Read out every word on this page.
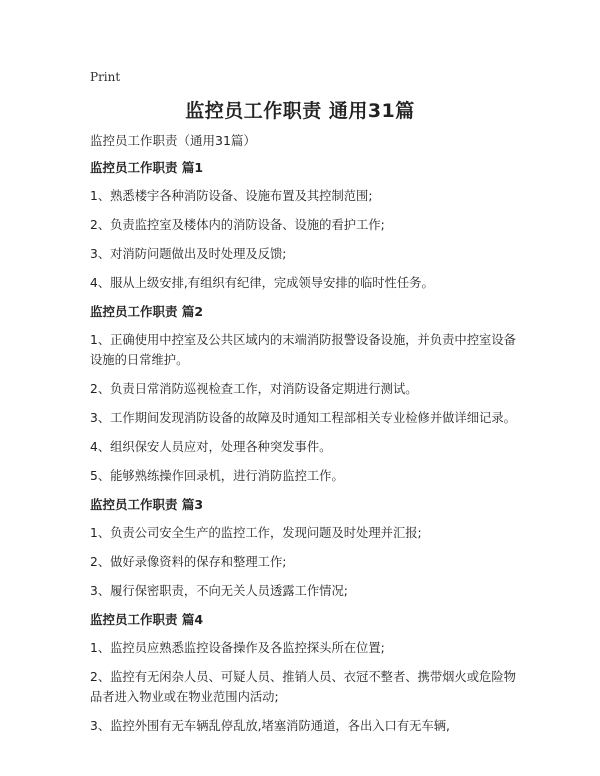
Print
监控员工作职责 通用31篇

监控员工作职责（通用31篇）

监控员工作职责 篇1

1、熟悉楼宇各种消防设备、设施布置及其控制范围;

2、负责监控室及楼体内的消防设备、设施的看护工作;

3、对消防问题做出及时处理及反馈;

4、服从上级安排,有组织有纪律，完成领导安排的临时性任务。

监控员工作职责 篇2

1、正确使用中控室及公共区域内的末端消防报警设备设施，并负责中控室设备设施的日常维护。

2、负责日常消防巡视检查工作，对消防设备定期进行测试。

3、工作期间发现消防设备的故障及时通知工程部相关专业检修并做详细记录。

4、组织保安人员应对，处理各种突发事件。

5、能够熟练操作回录机，进行消防监控工作。

监控员工作职责 篇3

1、负责公司安全生产的监控工作，发现问题及时处理并汇报;

2、做好录像资料的保存和整理工作;

3、履行保密职责，不向无关人员透露工作情况;

监控员工作职责 篇4

1、监控员应熟悉监控设备操作及各监控探头所在位置;

2、监控有无闲杂人员、可疑人员、推销人员、衣冠不整者、携带烟火或危险物品者进入物业或在物业范围内活动;

3、监控外围有无车辆乱停乱放,堵塞消防通道，各出入口有无车辆,
